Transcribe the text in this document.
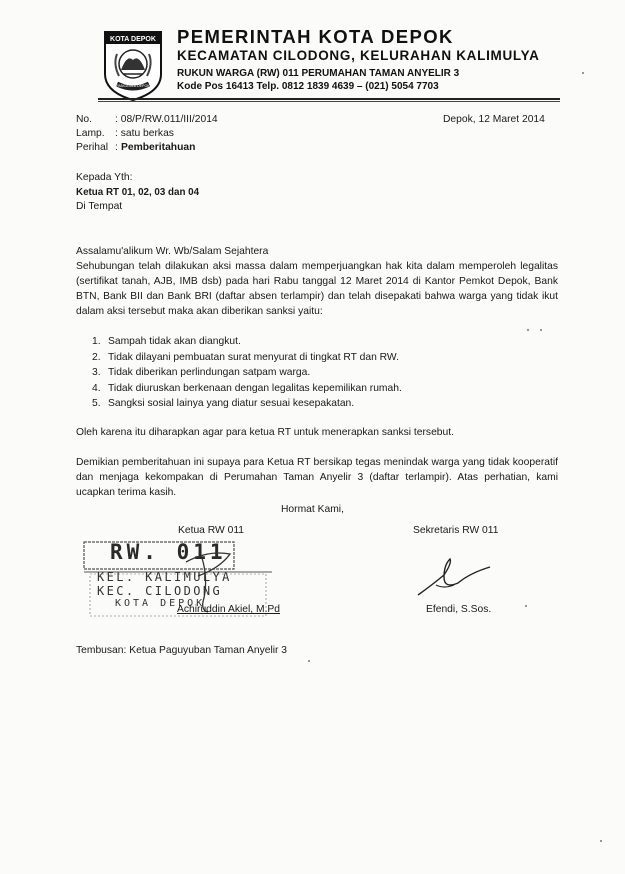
KOTA DEPOK
PANCASILA DEPOK
PEMERINTAH KOTA DEPOK
KECAMATAN CILODONG, KELURAHAN KALIMULYA
RUKUN WARGA (RW) 011 PERUMAHAN TAMAN ANYELIR 3
Kode Pos 16413 Telp. 0812 1839 4639 – (021) 5054 7703
No. : 08/P/RW.011/III/2014
Lamp. : satu berkas
Perihal : Pemberitahuan
Depok, 12 Maret 2014
Kepada Yth:
Ketua RT 01, 02, 03 dan 04
Di Tempat
Assalamu'alikum Wr. Wb/Salam Sejahtera
Sehubungan telah dilakukan aksi massa dalam memperjuangkan hak kita dalam memperoleh legalitas (sertifikat tanah, AJB, IMB dsb) pada hari Rabu tanggal 12 Maret 2014 di Kantor Pemkot Depok, Bank BTN, Bank BII dan Bank BRI (daftar absen terlampir) dan telah disepakati bahwa warga yang tidak ikut dalam aksi tersebut maka akan diberikan sanksi yaitu:
1. Sampah tidak akan diangkut.
2. Tidak dilayani pembuatan surat menyurat di tingkat RT dan RW.
3. Tidak diberikan perlindungan satpam warga.
4. Tidak diuruskan berkenaan dengan legalitas kepemilikan rumah.
5. Sangksi sosial lainya yang diatur sesuai kesepakatan.
Oleh karena itu diharapkan agar para ketua RT untuk menerapkan sanksi tersebut.
Demikian pemberitahuan ini supaya para Ketua RT bersikap tegas menindak warga yang tidak kooperatif dan menjaga kekompakan di Perumahan Taman Anyelir 3 (daftar terlampir). Atas perhatian, kami ucapkan terima kasih.
Hormat Kami,
Ketua RW 011	Sekretaris RW 011
RW. 011
KEL. KALIMULYA
KEC. CILODONG
KOTA DEPOK
Achiruddin Akiel, M.Pd	Efendi, S.Sos.
Tembusan: Ketua Paguyuban Taman Anyelir 3
